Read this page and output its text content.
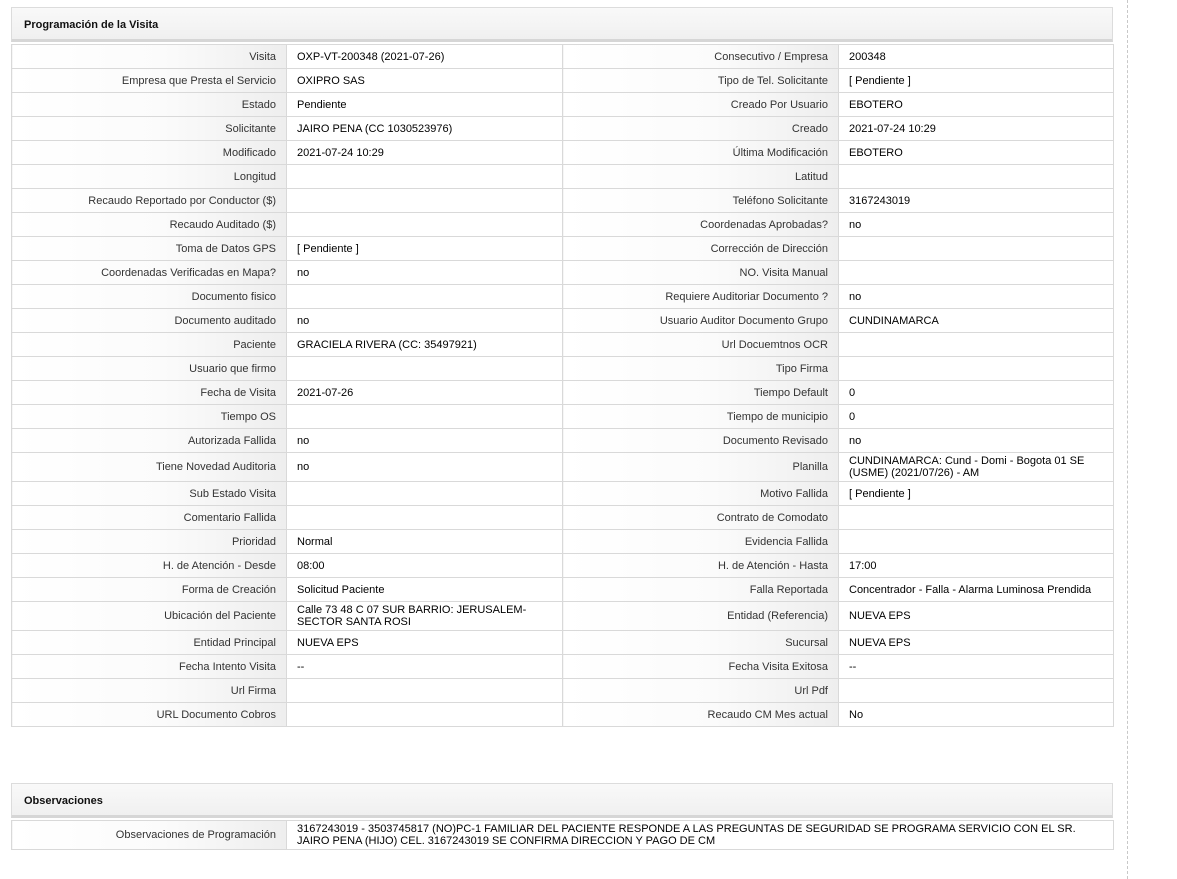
Programación de la Visita
Visita	OXP-VT-200348 (2021-07-26)	Consecutivo / Empresa	200348
Empresa que Presta el Servicio	OXIPRO SAS	Tipo de Tel. Solicitante	[ Pendiente ]
Estado	Pendiente	Creado Por Usuario	EBOTERO
Solicitante	JAIRO PENA (CC 1030523976)	Creado	2021-07-24 10:29
Modificado	2021-07-24 10:29	Última Modificación	EBOTERO
Longitud		Latitud	
Recaudo Reportado por Conductor ($)		Teléfono Solicitante	3167243019
Recaudo Auditado ($)		Coordenadas Aprobadas?	no
Toma de Datos GPS	[ Pendiente ]	Corrección de Dirección	
Coordenadas Verificadas en Mapa?	no	NO. Visita Manual	
Documento fisico		Requiere Auditoriar Documento ?	no
Documento auditado	no	Usuario Auditor Documento Grupo	CUNDINAMARCA
Paciente	GRACIELA RIVERA (CC: 35497921)	Url Docuemtnos OCR	
Usuario que firmo		Tipo Firma	
Fecha de Visita	2021-07-26	Tiempo Default	0
Tiempo OS		Tiempo de municipio	0
Autorizada Fallida	no	Documento Revisado	no
Tiene Novedad Auditoria	no	Planilla	CUNDINAMARCA: Cund - Domi - Bogota 01 SE (USME) (2021/07/26) - AM
Sub Estado Visita		Motivo Fallida	[ Pendiente ]
Comentario Fallida		Contrato de Comodato	
Prioridad	Normal	Evidencia Fallida	
H. de Atención - Desde	08:00	H. de Atención - Hasta	17:00
Forma de Creación	Solicitud Paciente	Falla Reportada	Concentrador - Falla - Alarma Luminosa Prendida
Ubicación del Paciente	Calle 73 48 C 07 SUR BARRIO: JERUSALEM- SECTOR SANTA ROSI	Entidad (Referencia)	NUEVA EPS
Entidad Principal	NUEVA EPS	Sucursal	NUEVA EPS
Fecha Intento Visita	--	Fecha Visita Exitosa	--
Url Firma		Url Pdf	
URL Documento Cobros		Recaudo CM Mes actual	No
Observaciones
Observaciones de Programación	3167243019 - 3503745817 (NO)PC-1 FAMILIAR DEL PACIENTE RESPONDE A LAS PREGUNTAS DE SEGURIDAD SE PROGRAMA SERVICIO CON EL SR. JAIRO PENA (HIJO) CEL. 3167243019 SE CONFIRMA DIRECCION Y PAGO DE CM
